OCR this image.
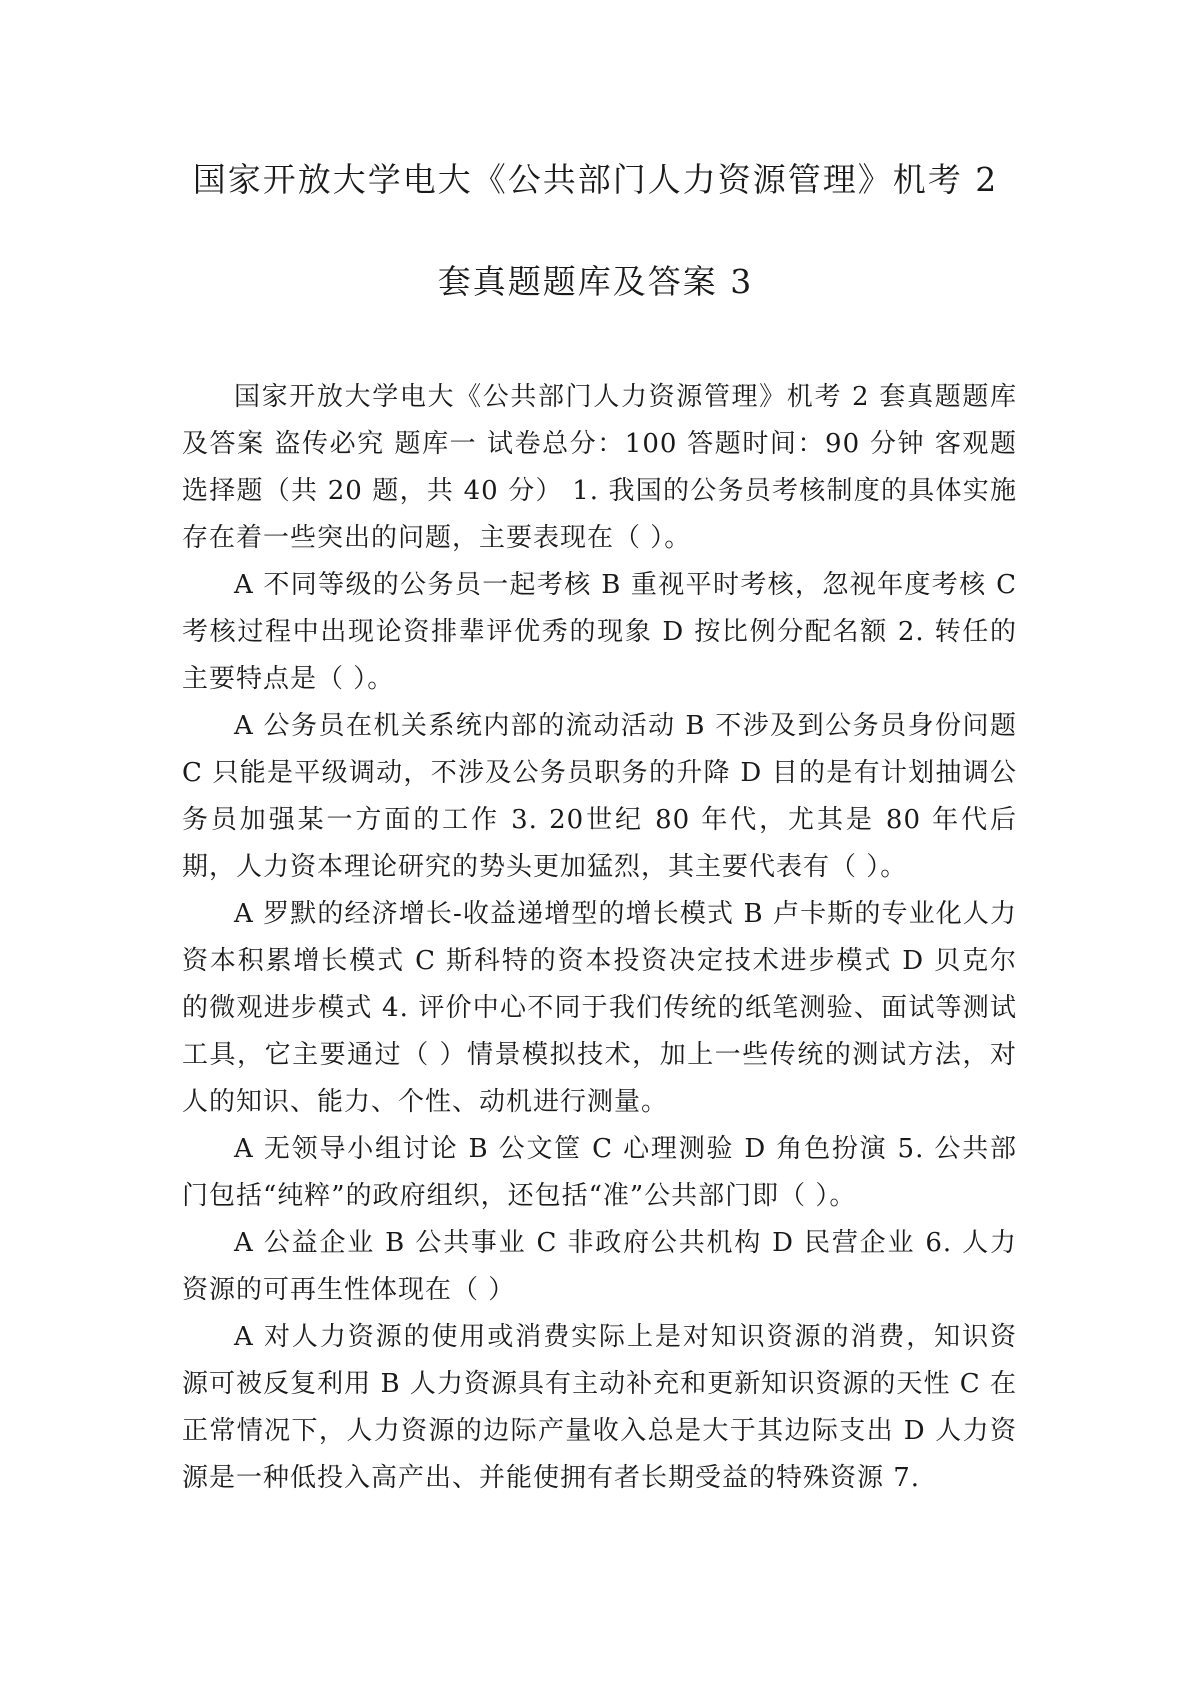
国家开放大学电大《公共部门人力资源管理》机考 2
套真题题库及答案 3

国家开放大学电大《公共部门人力资源管理》机考 2 套真题题库及答案 盗传必究 题库一 试卷总分：100 答题时间：90 分钟 客观题 选择题（共 20 题，共 40 分） 1. 我国的公务员考核制度的具体实施存在着一些突出的问题，主要表现在（ ）。

A 不同等级的公务员一起考核 B 重视平时考核，忽视年度考核 C 考核过程中出现论资排辈评优秀的现象 D 按比例分配名额 2. 转任的主要特点是（ ）。

A 公务员在机关系统内部的流动活动 B 不涉及到公务员身份问题 C 只能是平级调动，不涉及公务员职务的升降 D 目的是有计划抽调公务员加强某一方面的工作 3. 20世纪 80 年代，尤其是 80 年代后期，人力资本理论研究的势头更加猛烈，其主要代表有（ ）。

A 罗默的经济增长-收益递增型的增长模式 B 卢卡斯的专业化人力资本积累增长模式 C 斯科特的资本投资决定技术进步模式 D 贝克尔的微观进步模式 4. 评价中心不同于我们传统的纸笔测验、面试等测试工具，它主要通过（ ）情景模拟技术，加上一些传统的测试方法，对人的知识、能力、个性、动机进行测量。

A 无领导小组讨论 B 公文筐 C 心理测验 D 角色扮演 5. 公共部门包括“纯粹”的政府组织，还包括“准”公共部门即（ ）。

A 公益企业 B 公共事业 C 非政府公共机构 D 民营企业 6. 人力资源的可再生性体现在（ ）

A 对人力资源的使用或消费实际上是对知识资源的消费，知识资源可被反复利用 B 人力资源具有主动补充和更新知识资源的天性 C 在正常情况下，人力资源的边际产量收入总是大于其边际支出 D 人力资源是一种低投入高产出、并能使拥有者长期受益的特殊资源 7.
